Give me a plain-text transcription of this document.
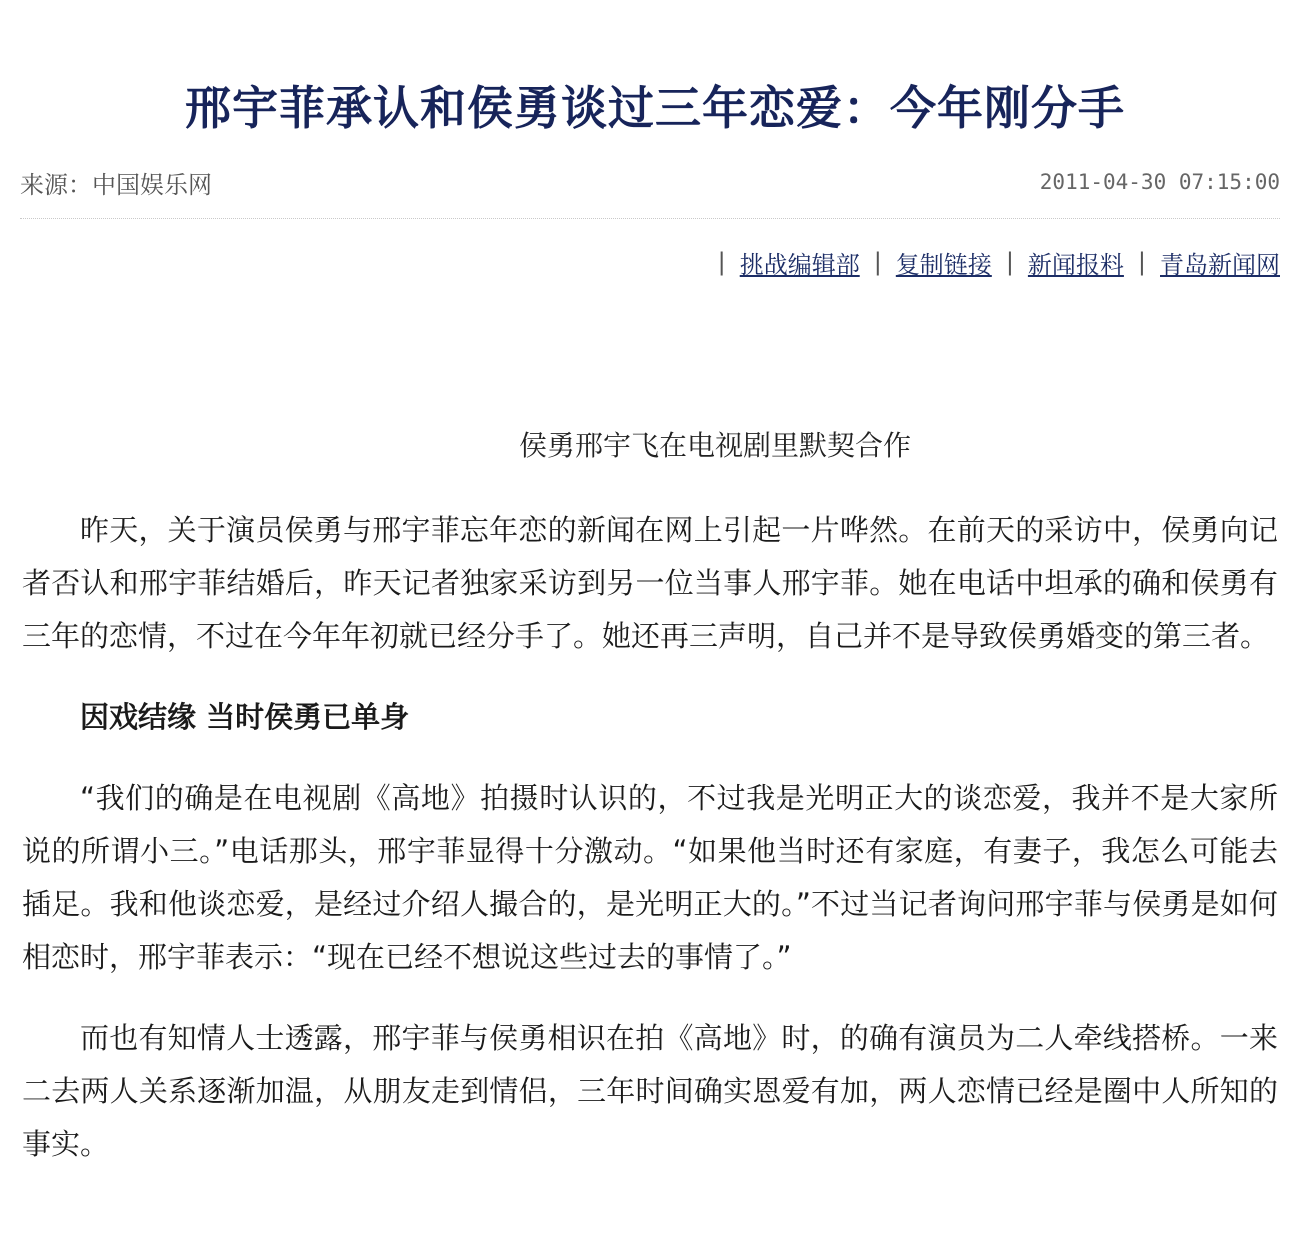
邢宇菲承认和侯勇谈过三年恋爱：今年刚分手
来源： 中国娱乐网	2011-04-30 07:15:00
| 挑战编辑部 | 复制链接 | 新闻报料 | 青岛新闻网
侯勇邢宇飞在电视剧里默契合作

昨天，关于演员侯勇与邢宇菲忘年恋的新闻在网上引起一片哗然。在前天的采访中，侯勇向记者否认和邢宇菲结婚后，昨天记者独家采访到另一位当事人邢宇菲。她在电话中坦承的确和侯勇有三年的恋情，不过在今年年初就已经分手了。她还再三声明，自己并不是导致侯勇婚变的第三者。

因戏结缘 当时侯勇已单身

“我们的确是在电视剧《高地》拍摄时认识的，不过我是光明正大的谈恋爱，我并不是大家所说的所谓小三。”电话那头，邢宇菲显得十分激动。“如果他当时还有家庭，有妻子，我怎么可能去插足。我和他谈恋爱，是经过介绍人撮合的，是光明正大的。”不过当记者询问邢宇菲与侯勇是如何相恋时，邢宇菲表示：“现在已经不想说这些过去的事情了。”

而也有知情人士透露，邢宇菲与侯勇相识在拍《高地》时，的确有演员为二人牵线搭桥。一来二去两人关系逐渐加温，从朋友走到情侣，三年时间确实恩爱有加，两人恋情已经是圈中人所知的事实。
